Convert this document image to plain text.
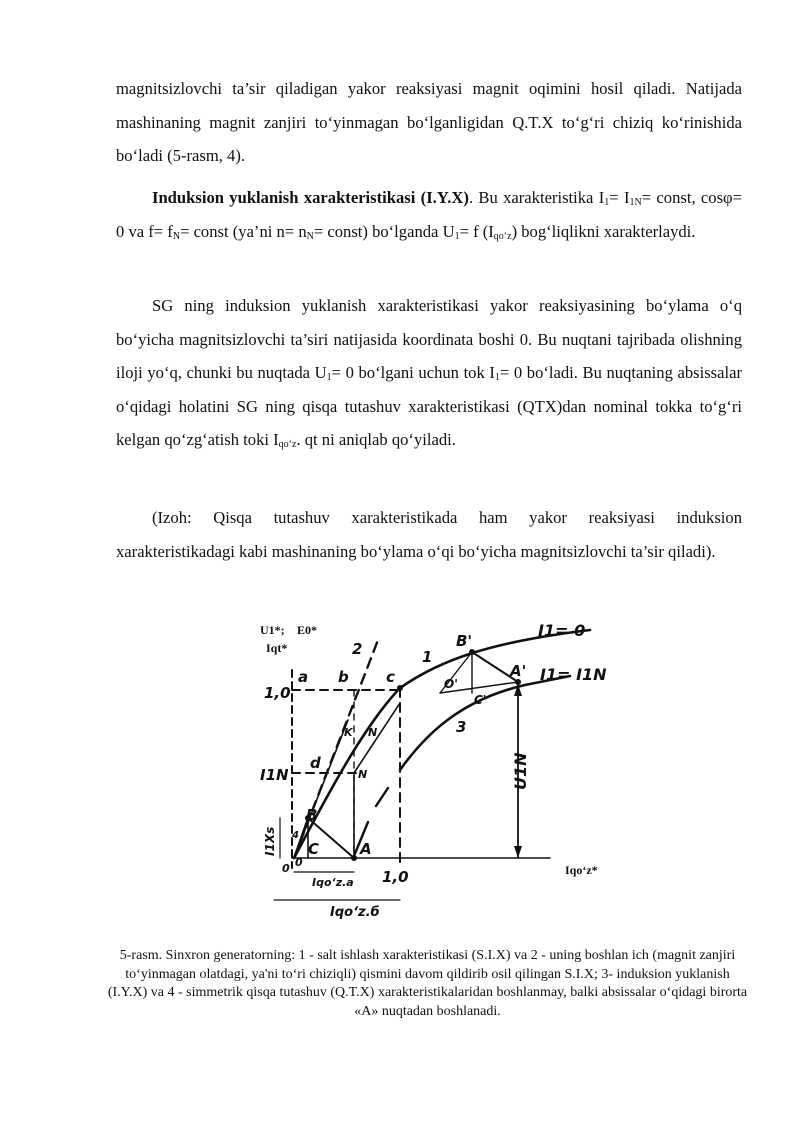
magnitsizlovchi ta’sir qiladigan yakor reaksiyasi magnit oqimini hosil qiladi. Natijada mashinaning magnit zanjiri to‘yinmagan bo‘lganligidan Q.T.X to‘g‘ri chiziq ko‘rinishida bo‘ladi (5-rasm, 4).

Induksion yuklanish xarakteristikasi (I.Y.X). Bu xarakteristika $I_1= I_{1N}=$ const, cosφ= 0 va $f= f_N=$ const (ya’ni $n= n_N=$ const) bo‘lganda $U_1= f$ $(I_{qo‘z})$ bog‘liqlikni xarakterlaydi.

SG ning induksion yuklanish xarakteristikasi yakor reaksiyasining bo‘ylama o‘q bo‘yicha magnitsizlovchi ta’siri natijasida koordinata boshi 0. Bu nuqtani tajribada olishning iloji yo‘q, chunki bu nuqtada $U_1= 0$ bo‘lgani uchun tok $I_1= 0$ bo‘ladi. Bu nuqtaning absissalar o‘qidagi holatini SG ning qisqa tutashuv xarakteristikasi (QTX)dan nominal tokka to‘g‘ri kelgan qo‘zg‘atish toki $I_{qo‘z}$. qt ni aniqlab qo‘yiladi.

(Izoh: Qisqa tutashuv xarakteristikada ham yakor reaksiyasi induksion xarakteristikadagi kabi mashinaning bo‘ylama o‘qi bo‘yicha magnitsizlovchi ta’sir qiladi).

U1*;
Iqt*
E0*
Iqo‘z*
1,0
I1N
1,0
0 0
a b c
d
B
C	A
B'
A'
O'
C'
K
N
N
1
2
3
4
I1= 0
I1= I1N
U1N
I1Xs
Iqo‘z.a
Iqo‘z.б

5-rasm. Sinxron generatorning: 1 - salt ishlash xarakteristikasi (S.I.X) va 2 - uning boshlan ich (magnit zanjiri to‘yinmagan olatdagi, ya'ni to‘ri chiziqli) qismini davom qildirib osil qilingan S.I.X; 3- induksion yuklanish (I.Y.X) va 4 - simmetrik qisqa tutashuv (Q.T.X) xarakteristikalaridan boshlanmay, balki absissalar o‘qidagi birorta «A» nuqtadan boshlanadi.
